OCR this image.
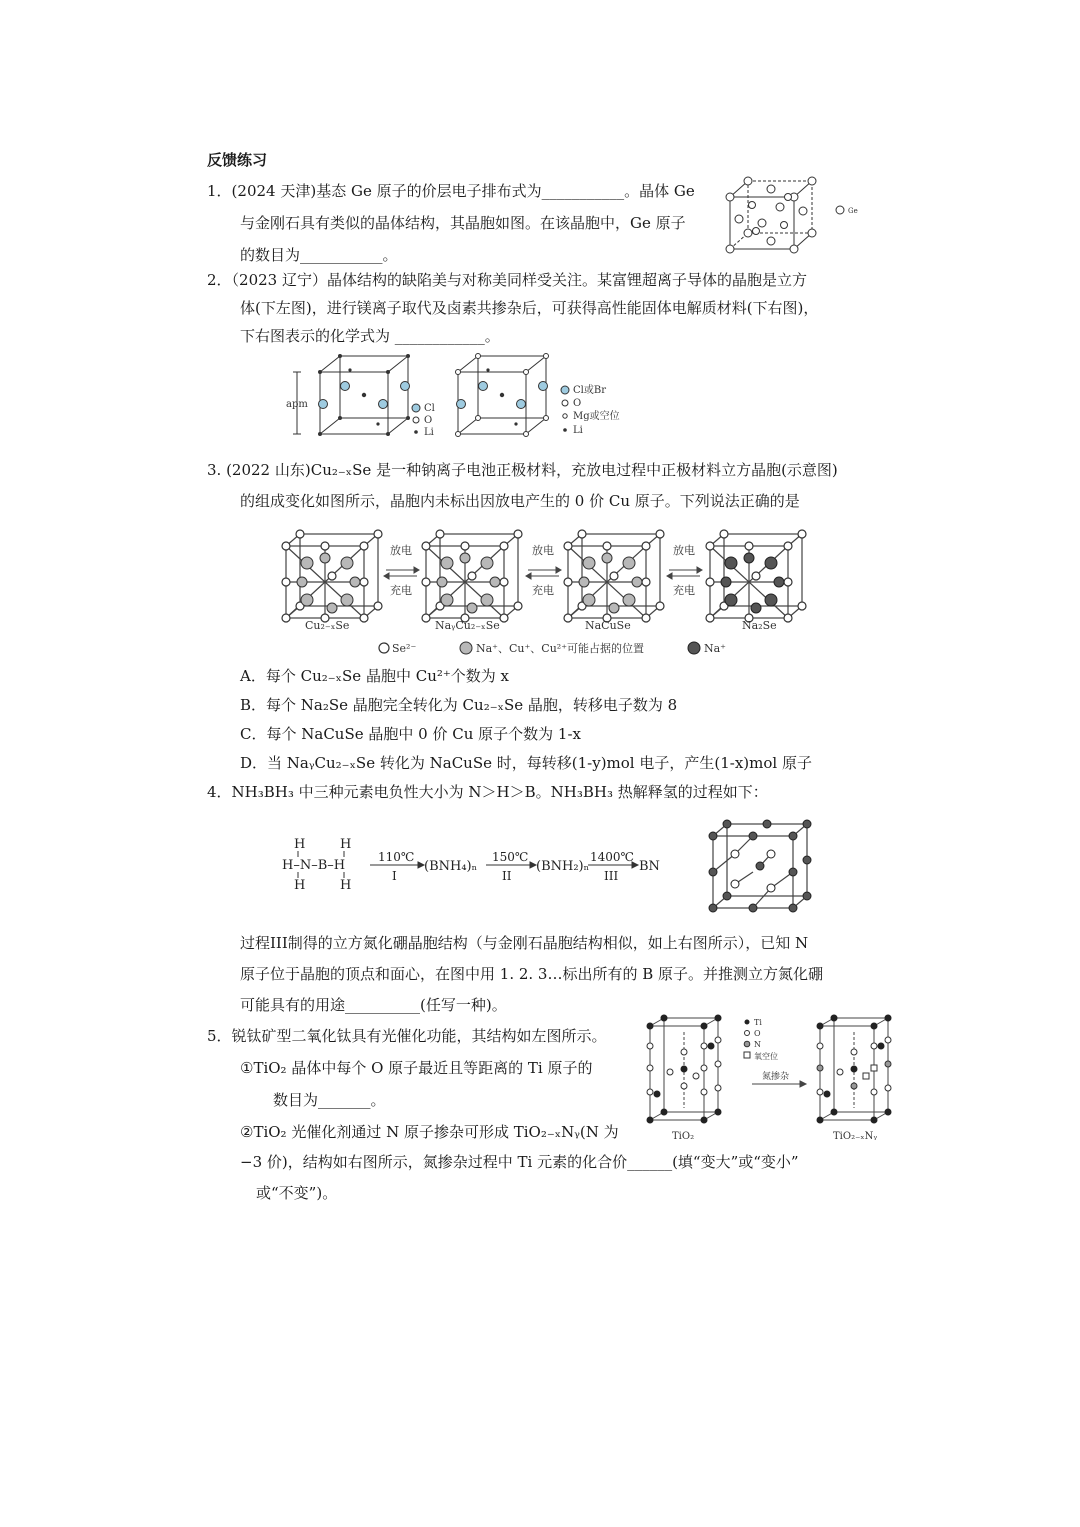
反馈练习
1．(2024 天津)基态 Ge 原子的价层电子排布式为___________。晶体 Ge
与金刚石具有类似的晶体结构，其晶胞如图。在该晶胞中，Ge 原子
的数目为___________。
Ge
2．（2023 辽宁）晶体结构的缺陷美与对称美同样受关注。某富锂超离子导体的晶胞是立方
体(下左图)，进行镁离子取代及卤素共掺杂后，可获得高性能固体电解质材料(下右图)，
下右图表示的化学式为 ____________。
apm	Cl
O
Li
Cl或Br
O
Mg或空位
Li
3. (2022 山东)Cu₂₋ₓSe 是一种钠离子电池正极材料，充放电过程中正极材料立方晶胞(示意图)
的组成变化如图所示，晶胞内未标出因放电产生的 0 价 Cu 原子。下列说法正确的是
放电
充电
放电
充电
放电
充电
Cu₂₋ₓSe	NaᵧCu₂₋ₓSe	NaCuSe	Na₂Se
Se²⁻	Na⁺、Cu⁺、Cu²⁺可能占据的位置	Na⁺
A．每个 Cu₂₋ₓSe 晶胞中 Cu²⁺个数为 x
B．每个 Na₂Se 晶胞完全转化为 Cu₂₋ₓSe 晶胞，转移电子数为 8
C．每个 NaCuSe 晶胞中 0 价 Cu 原子个数为 1-x
D．当 NaᵧCu₂₋ₓSe 转化为 NaCuSe 时，每转移(1-y)mol 电子，产生(1-x)mol 原子
4．NH₃BH₃ 中三种元素电负性大小为 N＞H＞B。NH₃BH₃ 热解释氢的过程如下：
H	H
H–N–B–H
H	H
110℃
I
(BNH₄)ₙ
150℃
II
(BNH₂)ₙ
1400℃
III
BN
过程III制得的立方氮化硼晶胞结构（与金刚石晶胞结构相似，如上右图所示），已知 N
原子位于晶胞的顶点和面心，在图中用 1. 2. 3…标出所有的 B 原子。并推测立方氮化硼
可能具有的用途__________(任写一种)。
5．锐钛矿型二氧化钛具有光催化功能，其结构如左图所示。
①TiO₂ 晶体中每个 O 原子最近且等距离的 Ti 原子的
数目为_______。
②TiO₂ 光催化剂通过 N 原子掺杂可形成 TiO₂₋ₓNᵧ(N 为
−3 价)，结构如右图所示，氮掺杂过程中 Ti 元素的化合价______(填“变大”或“变小”
或“不变”)。
TiO₂
Ti
O
N
氧空位
氮掺杂
TiO₂₋ₓNᵧ
